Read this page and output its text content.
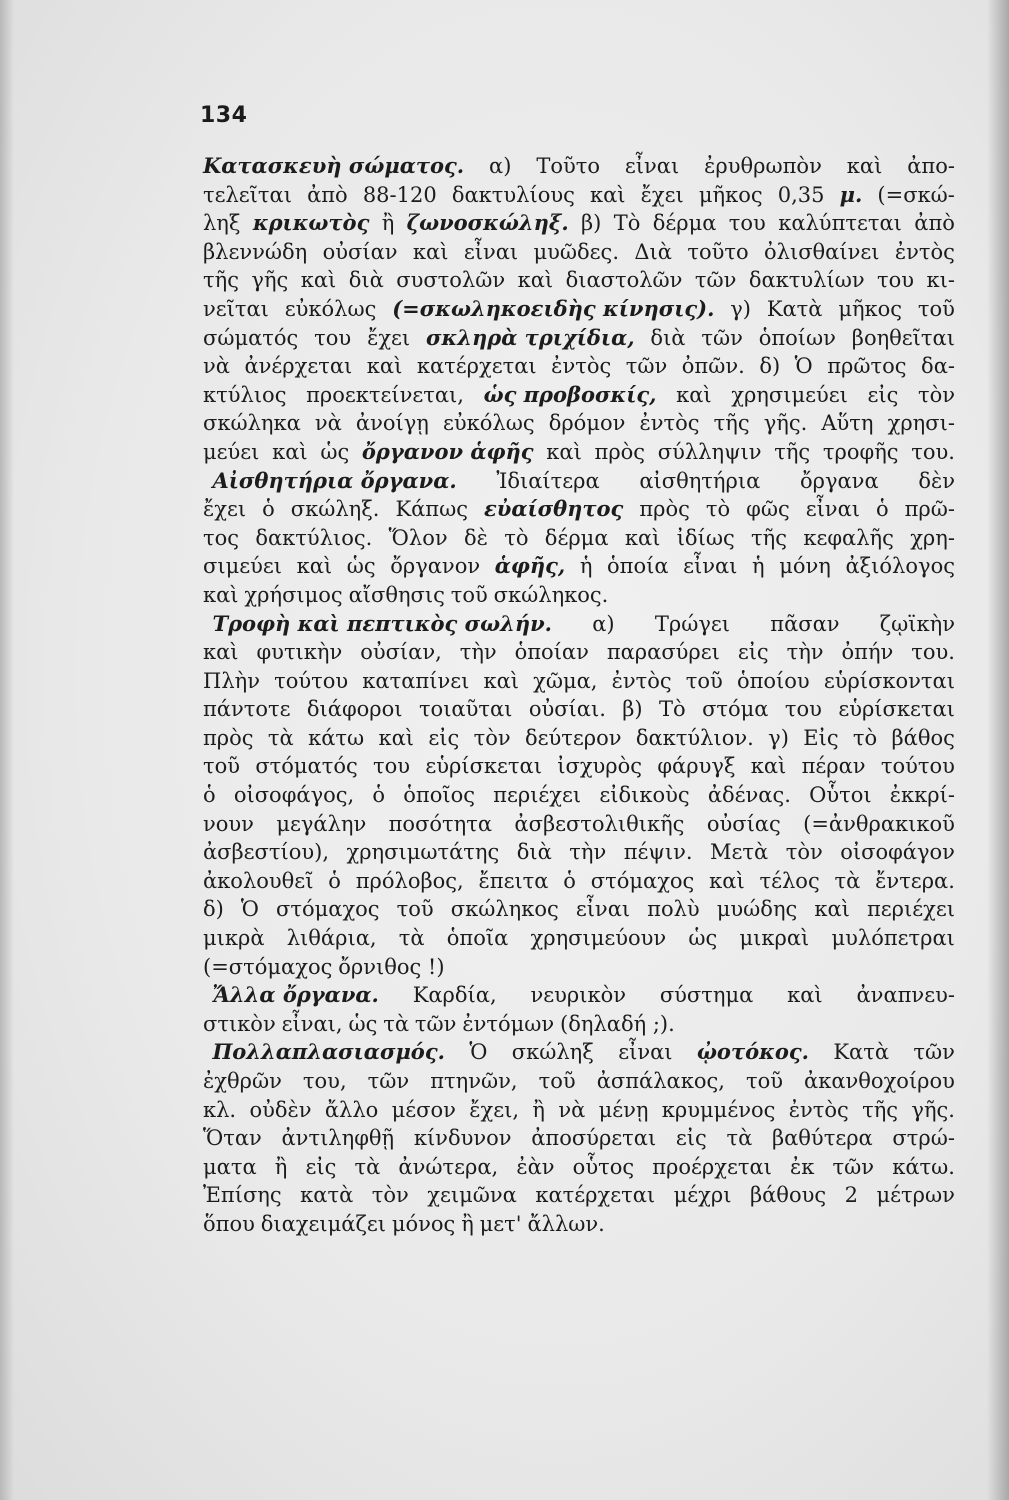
134
Κατασκευὴ σώματος. α) Τοῦτο εἶναι ἐρυθρωπὸν καὶ ἀπο-
τελεῖται ἀπὸ 88-120 δακτυλίους καὶ ἔχει μῆκος 0,35 μ. (=σκώ-
ληξ κρικωτὸς ἢ ζωνοσκώληξ. β) Τὸ δέρμα του καλύπτεται ἀπὸ
βλεννώδη οὐσίαν καὶ εἶναι μυῶδες. Διὰ τοῦτο ὀλισθαίνει ἐντὸς
τῆς γῆς καὶ διὰ συστολῶν καὶ διαστολῶν τῶν δακτυλίων του κι-
νεῖται εὐκόλως (=σκωληκοειδὴς κίνησις). γ) Κατὰ μῆκος τοῦ
σώματός του ἔχει σκληρὰ τριχίδια, διὰ τῶν ὁποίων βοηθεῖται
νὰ ἀνέρχεται καὶ κατέρχεται ἐντὸς τῶν ὀπῶν. δ) Ὁ πρῶτος δα-
κτύλιος προεκτείνεται, ὡς προβοσκίς, καὶ χρησιμεύει εἰς τὸν
σκώληκα νὰ ἀνοίγῃ εὐκόλως δρόμον ἐντὸς τῆς γῆς. Αὕτη χρησι-
μεύει καὶ ὡς ὄργανον ἁφῆς καὶ πρὸς σύλληψιν τῆς τροφῆς του.
Αἰσθητήρια ὄργανα. Ἰδιαίτερα αἰσθητήρια ὄργανα δὲν
ἔχει ὁ σκώληξ. Κάπως εὐαίσθητος πρὸς τὸ φῶς εἶναι ὁ πρῶ-
τος δακτύλιος. Ὅλον δὲ τὸ δέρμα καὶ ἰδίως τῆς κεφαλῆς χρη-
σιμεύει καὶ ὡς ὄργανον ἁφῆς, ἡ ὁποία εἶναι ἡ μόνη ἀξιόλογος
καὶ χρήσιμος αἴσθησις τοῦ σκώληκος.
Τροφὴ καὶ πεπτικὸς σωλήν. α) Τρώγει πᾶσαν ζῳϊκὴν
καὶ φυτικὴν οὐσίαν, τὴν ὁποίαν παρασύρει εἰς τὴν ὀπήν του.
Πλὴν τούτου καταπίνει καὶ χῶμα, ἐντὸς τοῦ ὁποίου εὑρίσκονται
πάντοτε διάφοροι τοιαῦται οὐσίαι. β) Τὸ στόμα του εὑρίσκεται
πρὸς τὰ κάτω καὶ εἰς τὸν δεύτερον δακτύλιον. γ) Εἰς τὸ βάθος
τοῦ στόματός του εὑρίσκεται ἰσχυρὸς φάρυγξ καὶ πέραν τούτου
ὁ οἰσοφάγος, ὁ ὁποῖος περιέχει εἰδικοὺς ἀδένας. Οὗτοι ἐκκρί-
νουν μεγάλην ποσότητα ἀσβεστολιθικῆς οὐσίας (=ἀνθρακικοῦ
ἀσβεστίου), χρησιμωτάτης διὰ τὴν πέψιν. Μετὰ τὸν οἰσοφάγον
ἀκολουθεῖ ὁ πρόλοβος, ἔπειτα ὁ στόμαχος καὶ τέλος τὰ ἔντερα.
δ) Ὁ στόμαχος τοῦ σκώληκος εἶναι πολὺ μυώδης καὶ περιέχει
μικρὰ λιθάρια, τὰ ὁποῖα χρησιμεύουν ὡς μικραὶ μυλόπετραι
(=στόμαχος ὄρνιθος !)
Ἄλλα ὄργανα. Καρδία, νευρικὸν σύστημα καὶ ἀναπνευ-
στικὸν εἶναι, ὡς τὰ τῶν ἐντόμων (δηλαδή ;).
Πολλαπλασιασμός. Ὁ σκώληξ εἶναι ᾠοτόκος. Κατὰ τῶν
ἐχθρῶν του, τῶν πτηνῶν, τοῦ ἀσπάλακος, τοῦ ἀκανθοχοίρου
κλ. οὐδὲν ἄλλο μέσον ἔχει, ἢ νὰ μένῃ κρυμμένος ἐντὸς τῆς γῆς.
Ὅταν ἀντιληφθῇ κίνδυνον ἀποσύρεται εἰς τὰ βαθύτερα στρώ-
ματα ἢ εἰς τὰ ἀνώτερα, ἐὰν οὗτος προέρχεται ἐκ τῶν κάτω.
Ἐπίσης κατὰ τὸν χειμῶνα κατέρχεται μέχρι βάθους 2 μέτρων
ὅπου διαχειμάζει μόνος ἢ μετ' ἄλλων.
